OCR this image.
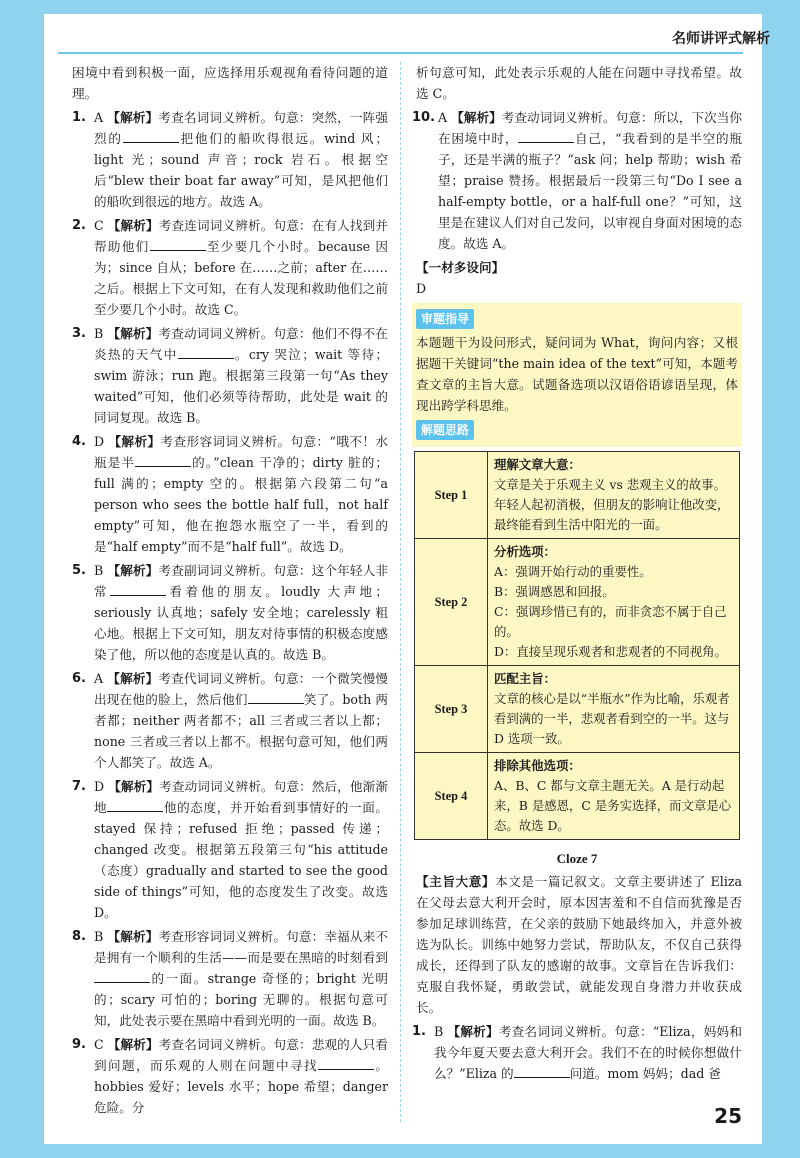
名师讲评式解析

困境中看到积极一面，应选择用乐观视角看待问题的道理。

1. A 【解析】考查名词词义辨析。句意：突然，一阵强烈的	把他们的船吹得很远。wind 风；light 光；sound 声音；rock 岩石。根据空后“blew their boat far away”可知，是风把他们的船吹到很远的地方。故选 A。

2. C 【解析】考查连词词义辨析。句意：在有人找到并帮助他们	至少要几个小时。because 因为；since 自从；before 在……之前；after 在……之后。根据上下文可知，在有人发现和救助他们之前至少要几个小时。故选 C。

3. B 【解析】考查动词词义辨析。句意：他们不得不在炎热的天气中	。cry 哭泣；wait 等待；swim 游泳；run 跑。根据第三段第一句“As they waited”可知，他们必须等待帮助，此处是 wait 的同词复现。故选 B。

4. D 【解析】考查形容词词义辨析。句意：“哦不！水瓶是半	的。”clean 干净的；dirty 脏的；full 满的；empty 空的。根据第六段第二句“a person who sees the bottle half full，not half empty”可知，他在抱怨水瓶空了一半，看到的是“half empty”而不是“half full”。故选 D。

5. B 【解析】考查副词词义辨析。句意：这个年轻人非常	看着他的朋友。loudly 大声地；seriously 认真地；safely 安全地；carelessly 粗心地。根据上下文可知，朋友对待事情的积极态度感染了他，所以他的态度是认真的。故选 B。

6. A 【解析】考查代词词义辨析。句意：一个微笑慢慢出现在他的脸上，然后他们	笑了。both 两者都；neither 两者都不；all 三者或三者以上都；none 三者或三者以上都不。根据句意可知，他们两个人都笑了。故选 A。

7. D 【解析】考查动词词义辨析。句意：然后，他渐渐地	他的态度，并开始看到事情好的一面。stayed 保持；refused 拒绝；passed 传递；changed 改变。根据第五段第三句“his attitude（态度）gradually and started to see the good side of things”可知，他的态度发生了改变。故选 D。

8. B 【解析】考查形容词词义辨析。句意：幸福从来不是拥有一个顺利的生活——而是要在黑暗的时刻看到的一面。strange 奇怪的；bright 光明的；scary 可怕的；boring 无聊的。根据句意可知，此处表示要在黑暗中看到光明的一面。故选 B。

9. C 【解析】考查名词词义辨析。句意：悲观的人只看到问题，而乐观的人则在问题中寻找	。hobbies 爱好；levels 水平；hope 希望；danger 危险。分

析句意可知，此处表示乐观的人能在问题中寻找希望。故选 C。

10. A 【解析】考查动词词义辨析。句意：所以，下次当你在困境中时，	自己，“我看到的是半空的瓶子，还是半满的瓶子？”ask 问；help 帮助；wish 希望；praise 赞扬。根据最后一段第三句“Do I see a half-empty bottle，or a half-full one？”可知，这里是在建议人们对自己发问，以审视自身面对困境的态度。故选 A。

【一材多设问】
D
审题指导

本题题干为设问形式，疑问词为 What，询问内容；又根据题干关键词“the main idea of the text”可知，本题考查文章的主旨大意。试题备选项以汉语俗语谚语呈现，体现出跨学科思维。

解题思路
Step 1	理解文章大意：
文章是关于乐观主义 vs 悲观主义的故事。年轻人起初消极，但朋友的影响让他改变，最终能看到生活中阳光的一面。

Step 2	分析选项：
A：强调开始行动的重要性。
B：强调感恩和回报。
C：强调珍惜已有的，而非贪恋不属于自己的。
D：直接呈现乐观者和悲观者的不同视角。

Step 3	匹配主旨：
文章的核心是以“半瓶水”作为比喻，乐观者看到满的一半，悲观者看到空的一半。这与 D 选项一致。

Step 4	排除其他选项：
A、B、C 都与文章主题无关。A 是行动起来，B 是感恩，C 是务实选择，而文章是心态。故选 D。
Cloze 7

【主旨大意】本文是一篇记叙文。文章主要讲述了 Eliza 在父母去意大利开会时，原本因害羞和不自信而犹豫是否参加足球训练营，在父亲的鼓励下她最终加入，并意外被选为队长。训练中她努力尝试，帮助队友，不仅自己获得成长，还得到了队友的感谢的故事。文章旨在告诉我们：克服自我怀疑，勇敢尝试，就能发现自身潜力并收获成长。

1. B 【解析】考查名词词义辨析。句意：“Eliza，妈妈和我今年夏天要去意大利开会。我们不在的时候你想做什么？”Eliza 的	问道。mom 妈妈；dad 爸

25
